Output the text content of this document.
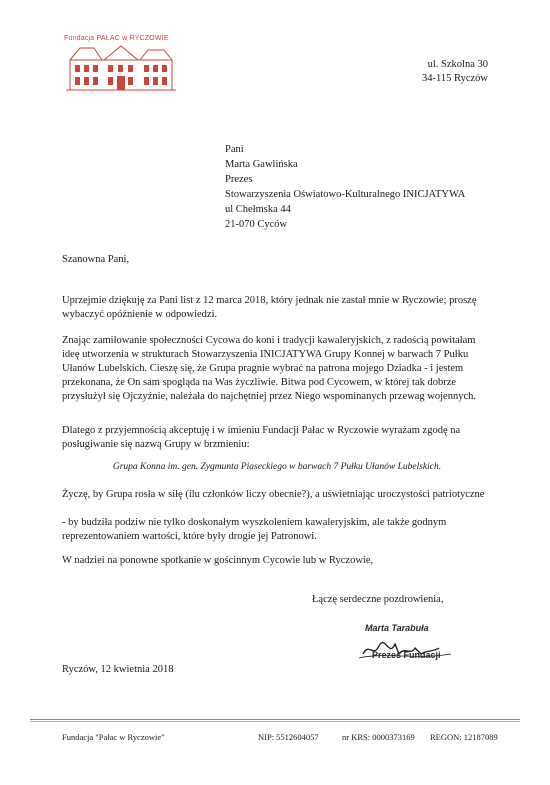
Fundacja PAŁAC w RYCZOWIE
ul. Szkolna 30
34-115 Ryczów
Pani
Marta Gawlińska
Prezes
Stowarzyszenia Oświatowo-Kulturalnego INICJATYWA
ul Chełmska 44
21-070 Cyców
Szanowna Pani,

Uprzejmie dziękuję za Pani list z 12 marca 2018, który jednak nie zastał mnie w Ryczowie; proszę wybaczyć opóźnienie w odpowiedzi.

Znając zamiłowanie społeczności Cycowa do koni i tradycji kawaleryjskich, z radością powitałam ideę utworzenia w strukturach Stowarzyszenia INICJATYWA Grupy Konnej w barwach 7 Pułku Ułanów Lubelskich. Cieszę się, że Grupa pragnie wybrać na patrona mojego Dziadka - i jestem przekonana, że On sam spogląda na Was życzliwie. Bitwa pod Cycowem, w której tak dobrze przysłużył się Ojczyźnie, należała do najchętniej przez Niego wspominanych przewag wojennych.

Dlatego z przyjemnością akceptuję i w imieniu Fundacji Pałac w Ryczowie wyrażam zgodę na posługiwanie się nazwą Grupy w brzmieniu:

Grupa Konna im. gen. Zygmunta Piaseckiego w barwach 7 Pułku Ułanów Lubelskich.

Życzę, by Grupa rosła w siłę (ilu członków liczy obecnie?), a uświetniając uroczystości patriotyczne

- by budziła podziw nie tylko doskonałym wyszkoleniem kawaleryjskim, ale także godnym reprezentowaniem wartości, które były drogie jej Patronowi.

W nadziei na ponowne spotkanie w gościnnym Cycowie lub w Ryczowie,

Łączę serdeczne pozdrowienia,
Marta Tarabuła
Prezes Fundacji
Ryczów, 12 kwietnia 2018
Fundacja "Pałac w Ryczowie"	NIP: 5512604057	nr KRS: 0000373169 REGON: 12187089
